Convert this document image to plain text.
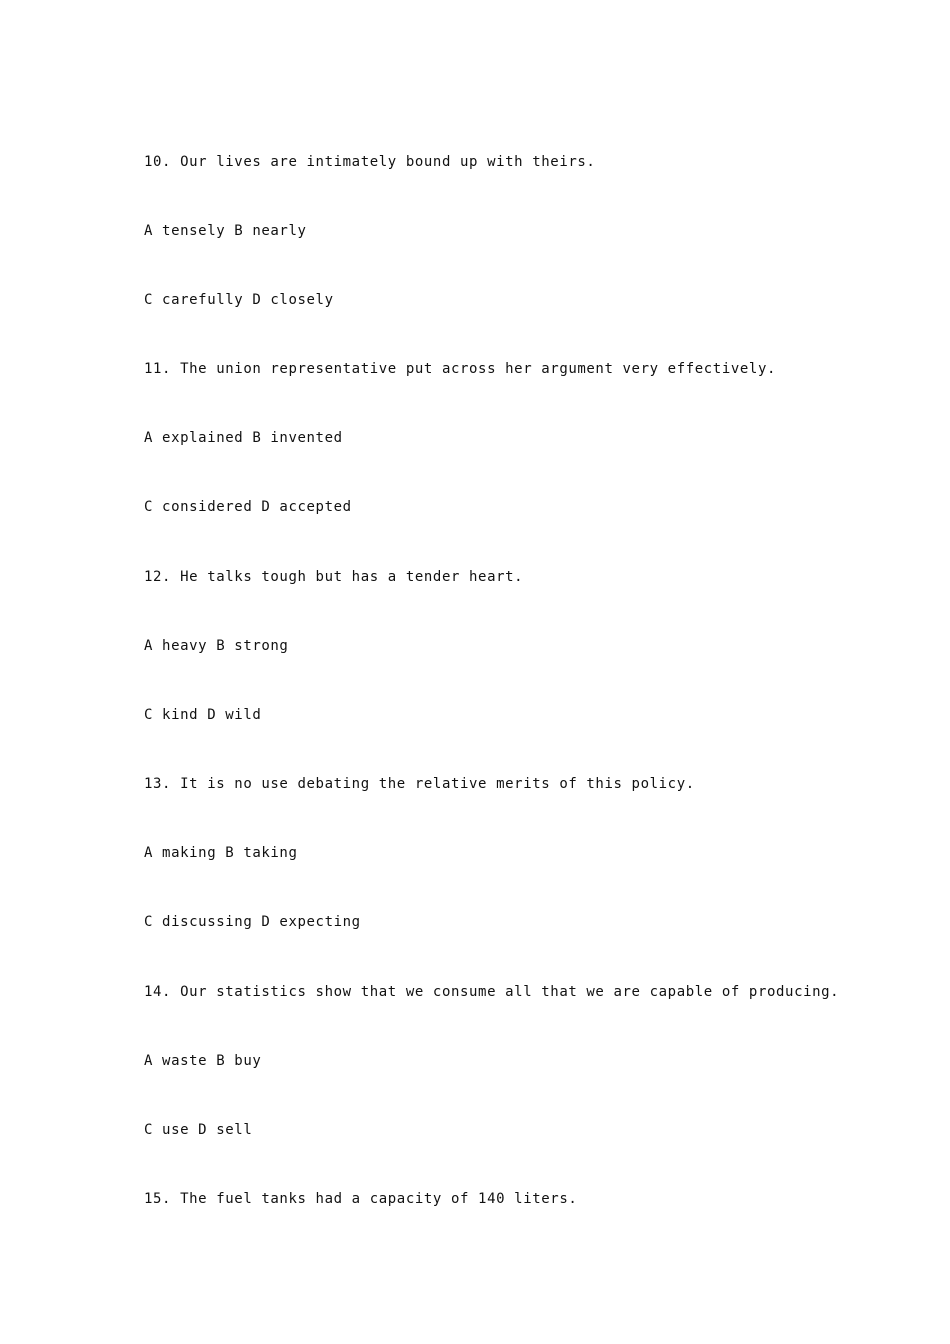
10. Our lives are intimately bound up with theirs.

A tensely B nearly

C carefully D closely

11. The union representative put across her argument very effectively.

A explained B invented

C considered D accepted

12. He talks tough but has a tender heart.

A heavy B strong

C kind D wild

13. It is no use debating the relative merits of this policy.

A making B taking

C discussing D expecting

14. Our statistics show that we consume all that we are capable of producing.

A waste B buy

C use D sell

15. The fuel tanks had a capacity of 140 liters.
